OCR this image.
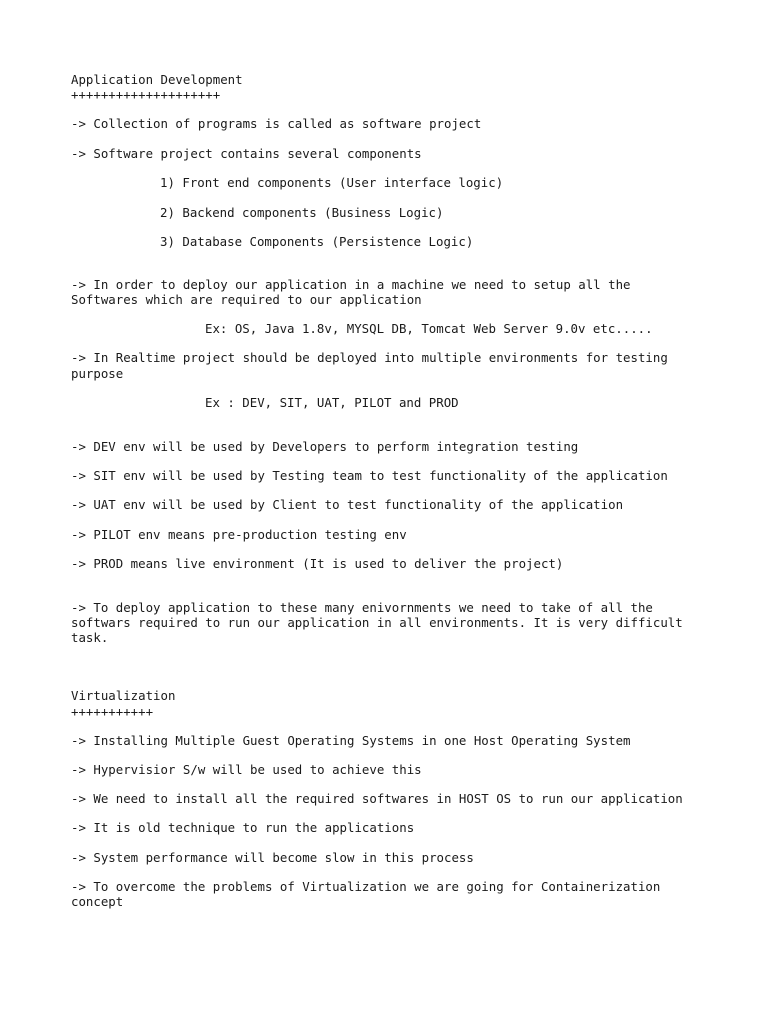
Application Development
++++++++++++++++++++
-> Collection of programs is called as software project
-> Software project contains several components
1) Front end components (User interface logic)
2) Backend components (Business Logic)
3) Database Components (Persistence Logic)
-> In order to deploy our application in a machine we need to setup all the
Softwares which are required to our application
Ex: OS, Java 1.8v, MYSQL DB, Tomcat Web Server 9.0v etc.....
-> In Realtime project should be deployed into multiple environments for testing
purpose
Ex : DEV, SIT, UAT, PILOT and PROD
-> DEV env will be used by Developers to perform integration testing
-> SIT env will be used by Testing team to test functionality of the application
-> UAT env will be used by Client to test functionality of the application
-> PILOT env means pre-production testing env
-> PROD means live environment (It is used to deliver the project)
-> To deploy application to these many enivornments we need to take of all the
softwars required to run our application in all environments. It is very difficult
task.
Virtualization
+++++++++++
-> Installing Multiple Guest Operating Systems in one Host Operating System
-> Hypervisior S/w will be used to achieve this
-> We need to install all the required softwares in HOST OS to run our application
-> It is old technique to run the applications
-> System performance will become slow in this process
-> To overcome the problems of Virtualization we are going for Containerization
concept
